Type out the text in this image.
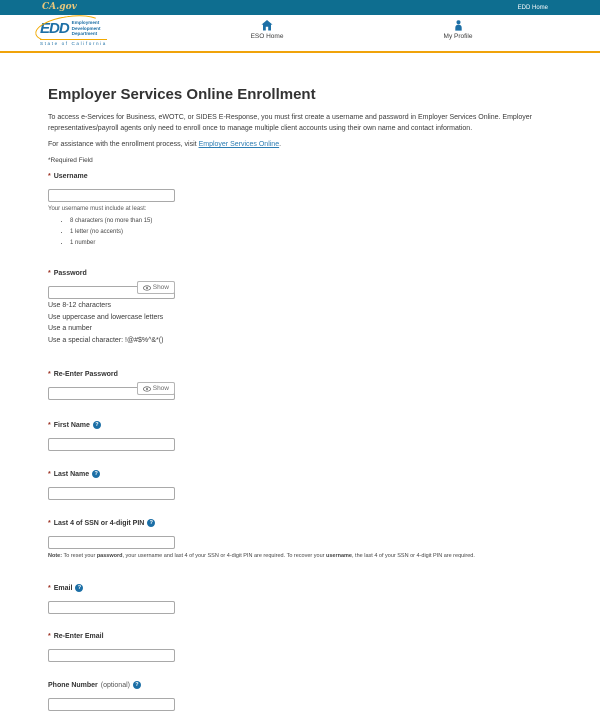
CA.gov	EDD Home
EDD Employment
Development
Department
State of California
ESO Home	My Profile
Employer Services Online Enrollment

To access e-Services for Business, eWOTC, or SIDES E-Response, you must first create a username and password in Employer Services Online. Employer representatives/payroll agents only need to enroll once to manage multiple client accounts using their own name and contact information.

For assistance with the enrollment process, visit Employer Services Online.

*Required Field

* Username
Your username must include at least:
• 8 characters (no more than 15)
• 1 letter (no accents)
• 1 number
* Password
Show
Use 8-12 characters
Use uppercase and lowercase letters
Use a number
Use a special character: !@#$%^&*()
* Re-Enter Password
Show
* First Name ?
* Last Name ?
* Last 4 of SSN or 4-digit PIN ?
Note: To reset your password, your username and last 4 of your SSN or 4-digit PIN are required. To recover your username, the last 4 of your SSN or 4-digit PIN are required.
* Email ?
* Re-Enter Email
Phone Number (optional) ?
